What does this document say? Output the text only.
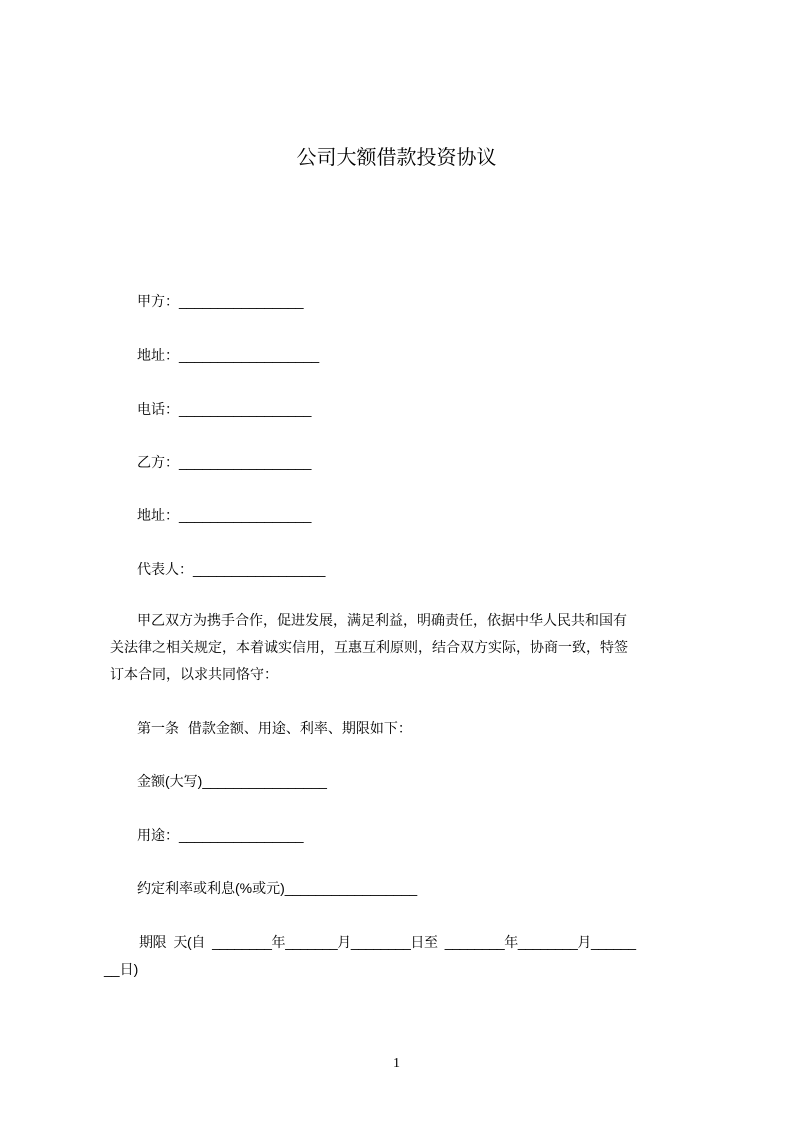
公司大额借款投资协议
甲方：________________
地址：__________________
电话：_________________
乙方：_________________
地址：_________________
代表人：_________________
甲乙双方为携手合作，促进发展，满足利益，明确责任，依据中华人民共和国有
关法律之相关规定，本着诚实信用，互惠互利原则，结合双方实际，协商一致，特签
订本合同，以求共同恪守：
第一条  借款金额、用途、利率、期限如下：
金额(大写)________________
用途：________________
约定利率或利息(%或元)_________________
期限  天(自  ________年_______月________日至  ________年________月______
__日)
1
